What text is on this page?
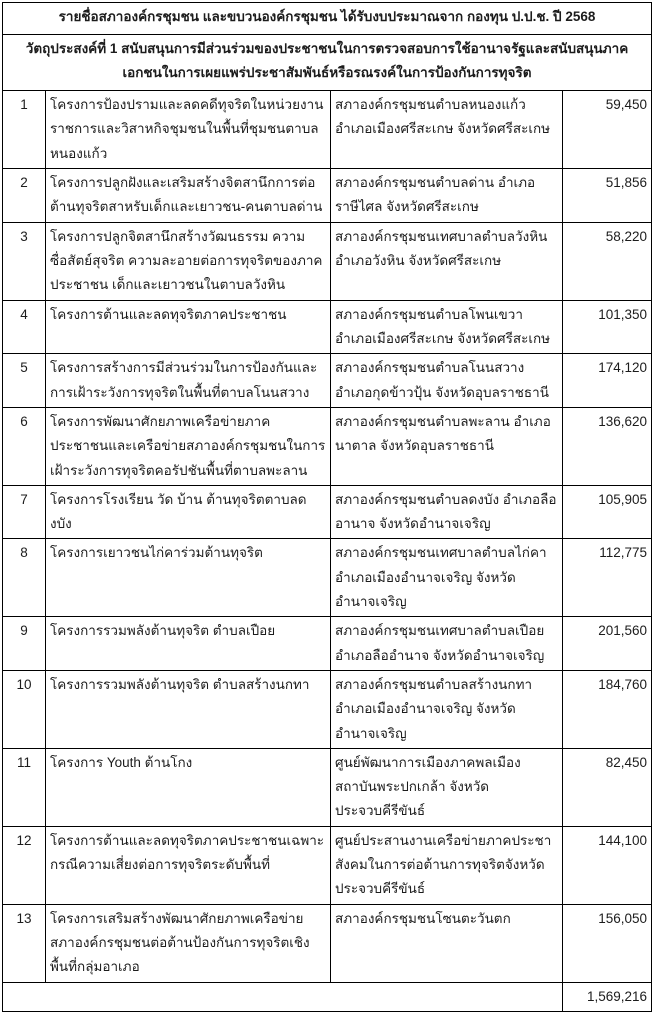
รายชื่อสภาองค์กรชุมชน และขบวนองค์กรชุมชน ได้รับงบประมาณจาก กองทุน ป.ป.ช. ปี 2568			
วัตถุประสงค์ที่ 1 สนับสนุนการมีส่วนร่วมของประชาชนในการตรวจสอบการใช้อานาจรัฐและสนับสนุนภาคเอกชนในการเผยแพร่ประชาสัมพันธ์หรือรณรงค์ในการป้องกันการทุจริต			
1	โครงการป้องปรามและลดคดีทุจริตในหน่วยงานราชการและวิสาหกิจชุมชนในพื้นที่ชุมชนตาบลหนองแก้ว	สภาองค์กรชุมชนตำบลหนองแก้ว อำเภอเมืองศรีสะเกษ จังหวัดศรีสะเกษ	59,450
2	โครงการปลูกฝังและเสริมสร้างจิตสานึกการต่อต้านทุจริตสาหรับเด็กและเยาวชน-คนตาบลด่าน	สภาองค์กรชุมชนตำบลด่าน อำเภอราษีไศล จังหวัดศรีสะเกษ	51,856
3	โครงการปลูกจิตสานึกสร้างวัฒนธรรม ความซื่อสัตย์สุจริต ความละอายต่อการทุจริตของภาคประชาชน เด็กและเยาวชนในตาบลวังหิน	สภาองค์กรชุมชนเทศบาลตำบลวังหิน อำเภอวังหิน จังหวัดศรีสะเกษ	58,220
4	โครงการต้านและลดทุจริตภาคประชาชน	สภาองค์กรชุมชนตำบลโพนเขวา อำเภอเมืองศรีสะเกษ จังหวัดศรีสะเกษ	101,350
5	โครงการสร้างการมีส่วนร่วมในการป้องกันและการเฝ้าระวังการทุจริตในพื้นที่ตาบลโนนสวาง	สภาองค์กรชุมชนตำบลโนนสวาง อำเภอกุดข้าวปุ้น จังหวัดอุบลราชธานี	174,120
6	โครงการพัฒนาศักยภาพเครือข่ายภาคประชาชนและเครือข่ายสภาองค์กรชุมชนในการเฝ้าระวังการทุจริตคอรัปชันพื้นที่ตาบลพะลาน	สภาองค์กรชุมชนตำบลพะลาน อำเภอนาตาล จังหวัดอุบลราชธานี	136,620
7	โครงการโรงเรียน วัด บ้าน ต้านทุจริตตาบลดงบัง	สภาองค์กรชุมชนตำบลดงบัง อำเภอลืออานาจ จังหวัดอำนาจเจริญ	105,905
8	โครงการเยาวชนไก่คาร่วมต้านทุจริต	สภาองค์กรชุมชนเทศบาลตำบลไก่คา อำเภอเมืองอำนาจเจริญ จังหวัดอำนาจเจริญ	112,775
9	โครงการรวมพลังต้านทุจริต ตำบลเปือย	สภาองค์กรชุมชนเทศบาลตำบลเปือย อำเภอลืออำนาจ จังหวัดอำนาจเจริญ	201,560
10	โครงการรวมพลังต้านทุจริต ตำบลสร้างนกทา	สภาองค์กรชุมชนตำบลสร้างนกทา อำเภอเมืองอำนาจเจริญ จังหวัดอำนาจเจริญ	184,760
11	โครงการ Youth ต้านโกง	ศูนย์พัฒนาการเมืองภาคพลเมือง สถาบันพระปกเกล้า จังหวัดประจวบคีรีขันธ์	82,450
12	โครงการต้านและลดทุจริตภาคประชาชนเฉพาะกรณีความเสี่ยงต่อการทุจริตระดับพื้นที่	ศูนย์ประสานงานเครือข่ายภาคประชาสังคมในการต่อต้านการทุจริตจังหวัดประจวบคีรีขันธ์	144,100
13	โครงการเสริมสร้างพัฒนาศักยภาพเครือข่ายสภาองค์กรชุมชนต่อต้านป้องกันการทุจริตเชิงพื้นที่กลุ่มอาเภอ	สภาองค์กรชุมชนโซนตะวันตก	156,050
			1,569,216
